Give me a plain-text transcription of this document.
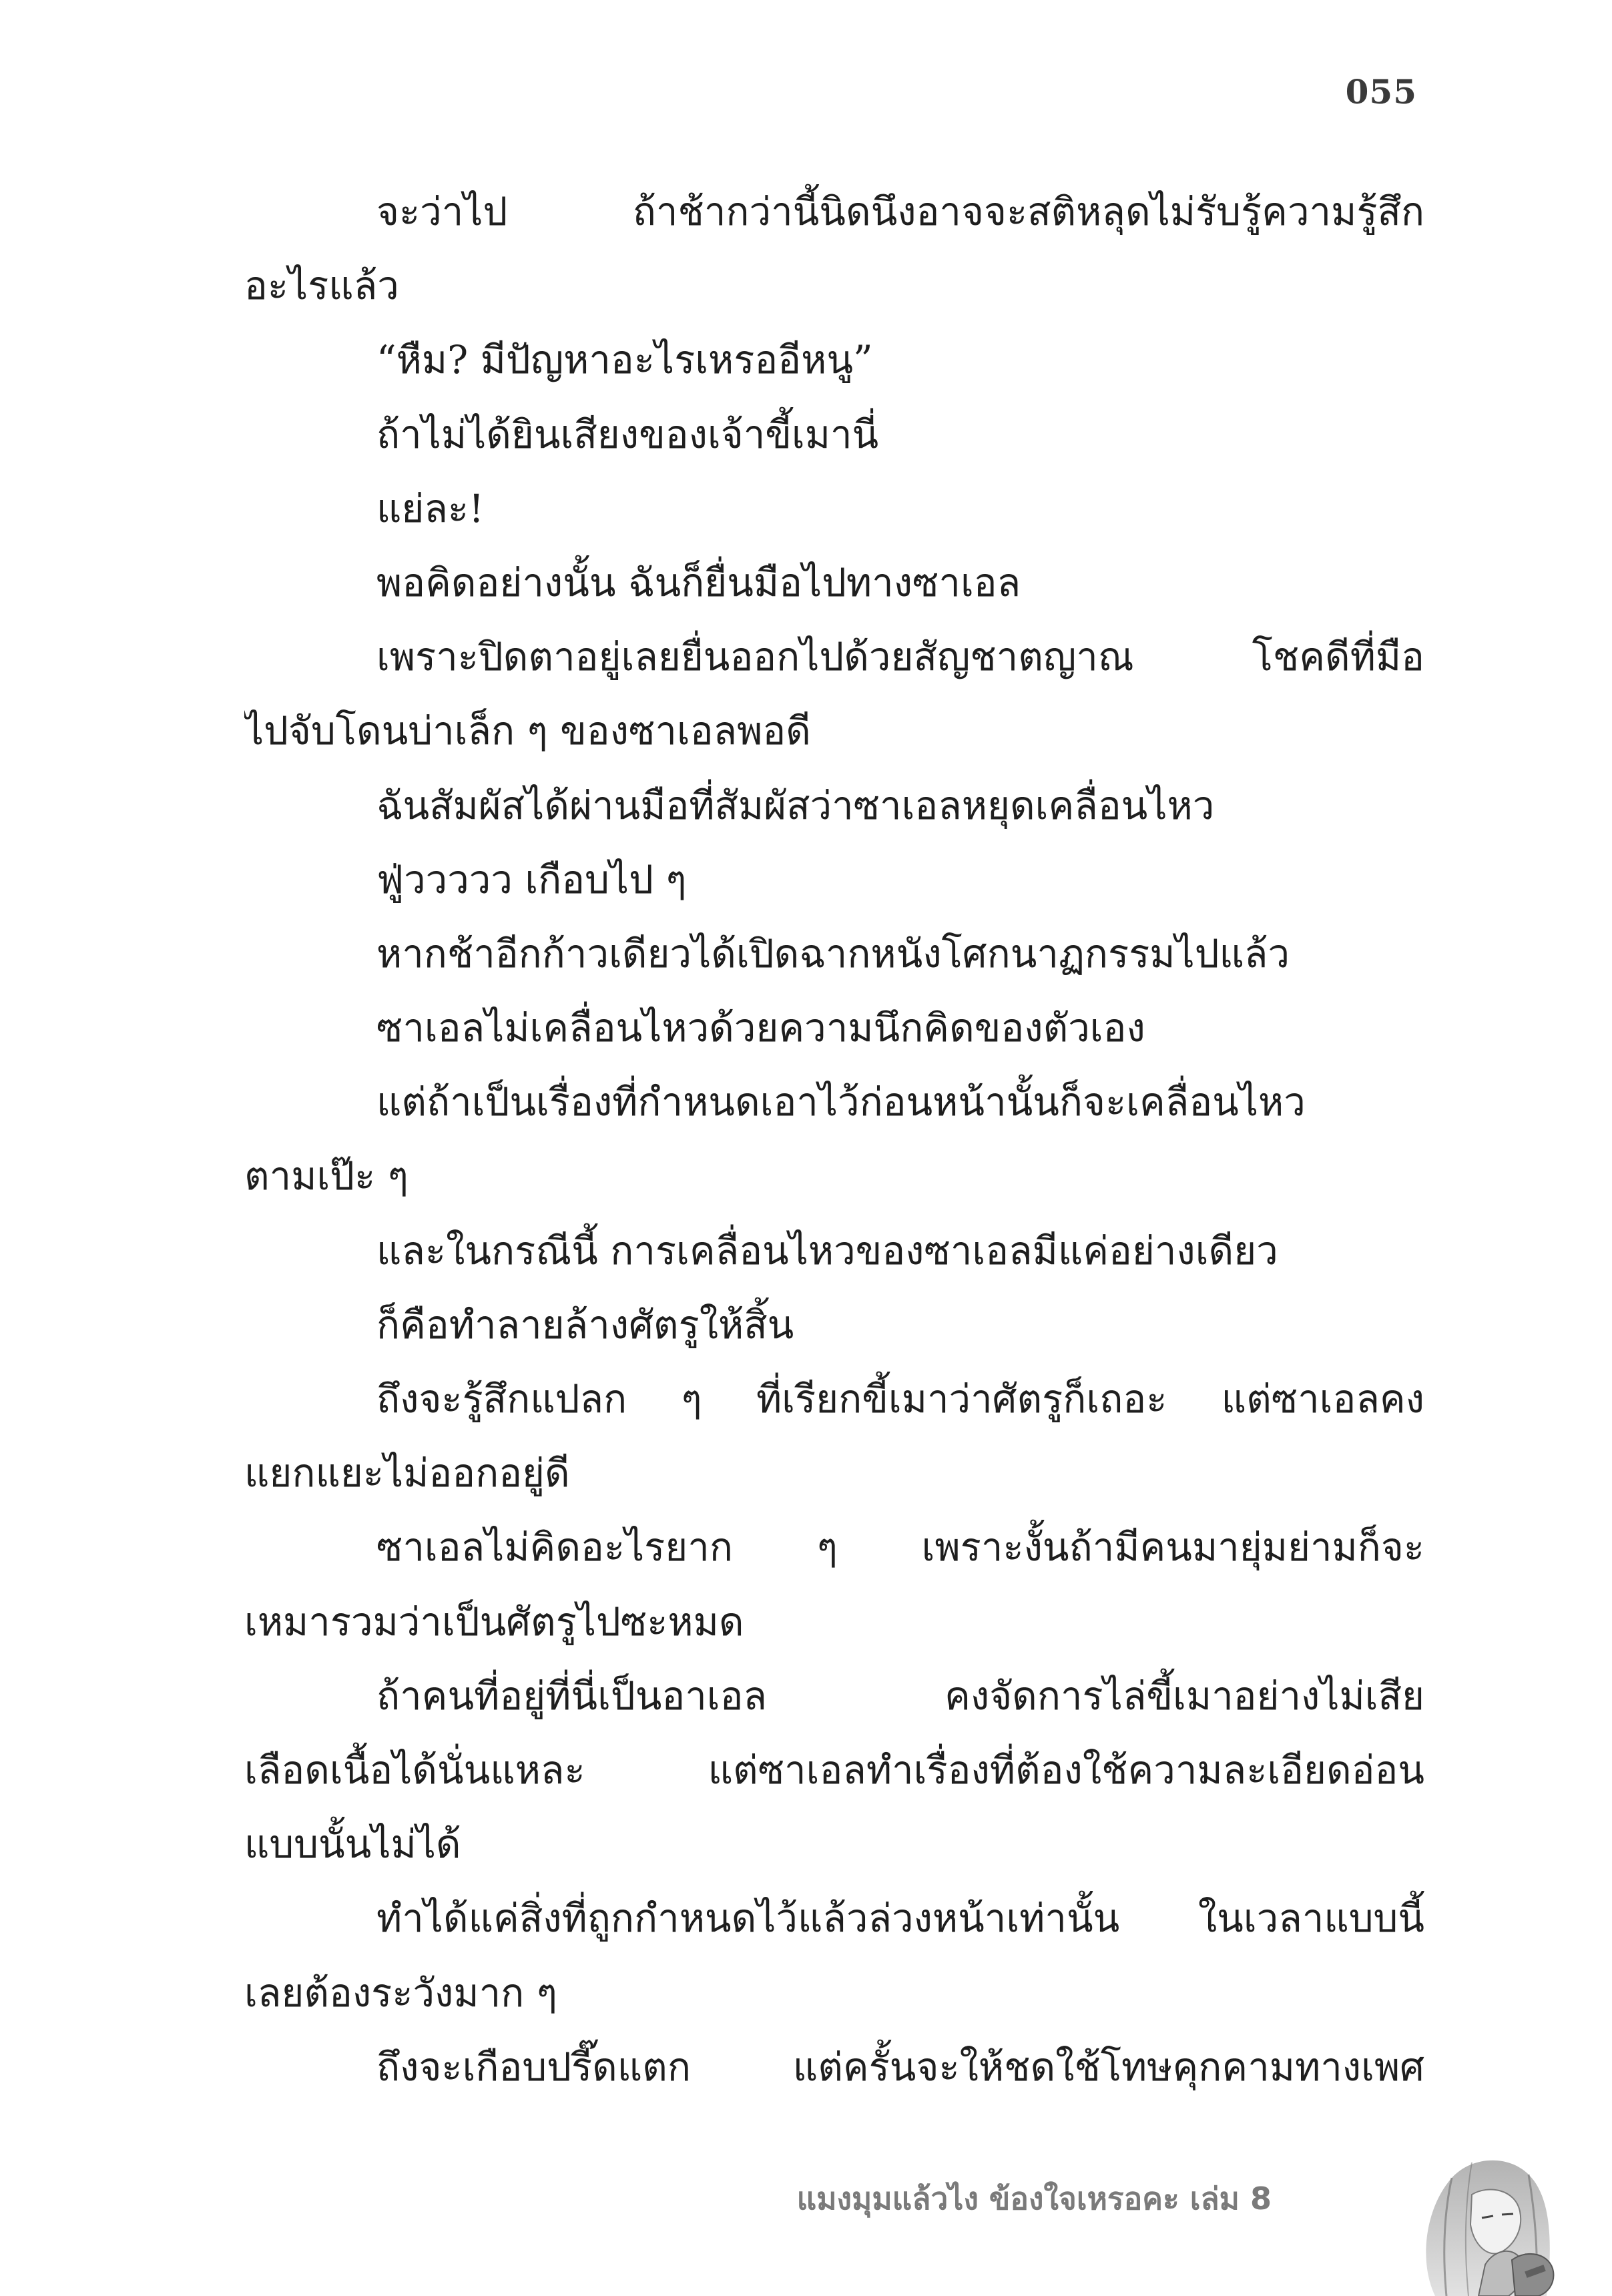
055
จะว่าไป ถ้าช้ากว่านี้นิดนึงอาจจะสติหลุดไม่รับรู้ความรู้สึก
อะไรแล้ว
“หืม? มีปัญหาอะไรเหรออีหนู”
ถ้าไม่ได้ยินเสียงของเจ้าขี้เมานี่
แย่ละ!
พอคิดอย่างนั้น ฉันก็ยื่นมือไปทางซาเอล
เพราะปิดตาอยู่เลยยื่นออกไปด้วยสัญชาตญาณ โชคดีที่มือ
ไปจับโดนบ่าเล็ก ๆ ของซาเอลพอดี
ฉันสัมผัสได้ผ่านมือที่สัมผัสว่าซาเอลหยุดเคลื่อนไหว
ฟู่ววววว เกือบไป ๆ
หากช้าอีกก้าวเดียวได้เปิดฉากหนังโศกนาฏกรรมไปแล้ว
ซาเอลไม่เคลื่อนไหวด้วยความนึกคิดของตัวเอง
แต่ถ้าเป็นเรื่องที่กำหนดเอาไว้ก่อนหน้านั้นก็จะเคลื่อนไหว
ตามเป๊ะ ๆ
และในกรณีนี้ การเคลื่อนไหวของซาเอลมีแค่อย่างเดียว
ก็คือทำลายล้างศัตรูให้สิ้น
ถึงจะรู้สึกแปลก ๆ ที่เรียกขี้เมาว่าศัตรูก็เถอะ แต่ซาเอลคง
แยกแยะไม่ออกอยู่ดี
ซาเอลไม่คิดอะไรยาก ๆ เพราะงั้นถ้ามีคนมายุ่มย่ามก็จะ
เหมารวมว่าเป็นศัตรูไปซะหมด
ถ้าคนที่อยู่ที่นี่เป็นอาเอล คงจัดการไล่ขี้เมาอย่างไม่เสีย
เลือดเนื้อได้นั่นแหละ แต่ซาเอลทำเรื่องที่ต้องใช้ความละเอียดอ่อน
แบบนั้นไม่ได้
ทำได้แค่สิ่งที่ถูกกำหนดไว้แล้วล่วงหน้าเท่านั้น ในเวลาแบบนี้
เลยต้องระวังมาก ๆ
ถึงจะเกือบปรี๊ดแตก แต่ครั้นจะให้ชดใช้โทษคุกคามทางเพศ
แมงมุมแล้วไง ข้องใจเหรอคะ เล่ม 8
